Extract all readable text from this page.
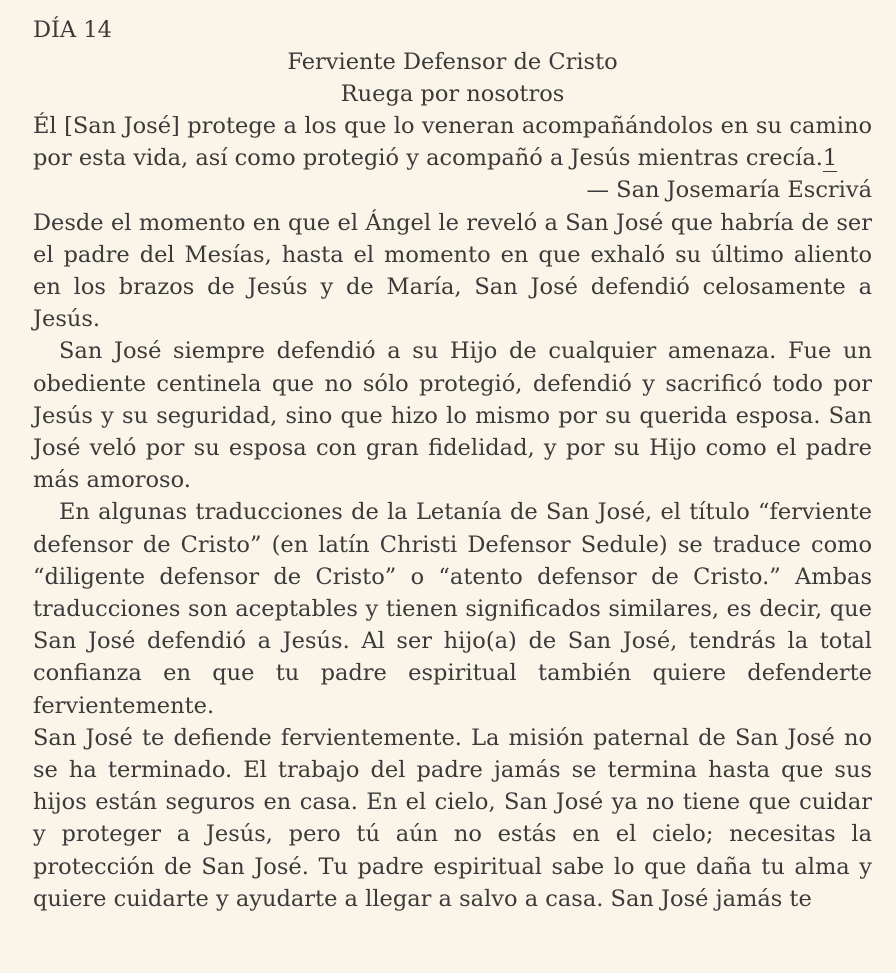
DÍA 14
Ferviente Defensor de Cristo
Ruega por nosotros

Él [San José] protege a los que lo veneran acompañándolos en su camino por esta vida, así como protegió y acompañó a Jesús mientras crecía.1

— San Josemaría Escrivá

Desde el momento en que el Ángel le reveló a San José que habría de ser el padre del Mesías, hasta el momento en que exhaló su último aliento en los brazos de Jesús y de María, San José defendió celosamente a Jesús.

San José siempre defendió a su Hijo de cualquier amenaza. Fue un obediente centinela que no sólo protegió, defendió y sacrificó todo por Jesús y su seguridad, sino que hizo lo mismo por su querida esposa. San José veló por su esposa con gran fidelidad, y por su Hijo como el padre más amoroso.

En algunas traducciones de la Letanía de San José, el título “ferviente defensor de Cristo” (en latín Christi Defensor Sedule) se traduce como “diligente defensor de Cristo” o “atento defensor de Cristo.” Ambas traducciones son aceptables y tienen significados similares, es decir, que San José defendió a Jesús. Al ser hijo(a) de San José, tendrás la total confianza en que tu padre espiritual también quiere defenderte fervientemente.

San José te defiende fervientemente. La misión paternal de San José no se ha terminado. El trabajo del padre jamás se termina hasta que sus hijos están seguros en casa. En el cielo, San José ya no tiene que cuidar y proteger a Jesús, pero tú aún no estás en el cielo; necesitas la protección de San José. Tu padre espiritual sabe lo que daña tu alma y quiere cuidarte y ayudarte a llegar a salvo a casa. San José jamás te
